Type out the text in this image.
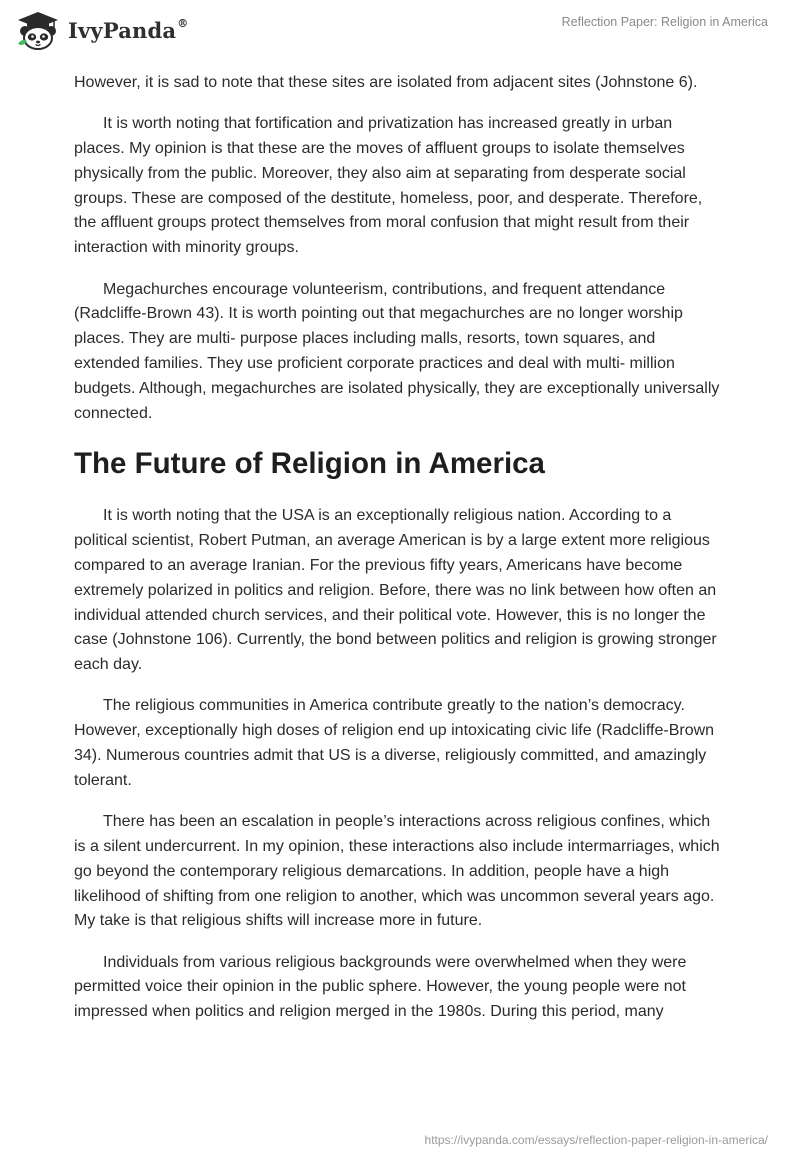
IvyPanda®	Reflection Paper: Religion in America

However, it is sad to note that these sites are isolated from adjacent sites (Johnstone 6).

It is worth noting that fortification and privatization has increased greatly in urban places. My opinion is that these are the moves of affluent groups to isolate themselves physically from the public. Moreover, they also aim at separating from desperate social groups. These are composed of the destitute, homeless, poor, and desperate. Therefore, the affluent groups protect themselves from moral confusion that might result from their interaction with minority groups.

Megachurches encourage volunteerism, contributions, and frequent attendance (Radcliffe-Brown 43). It is worth pointing out that megachurches are no longer worship places. They are multi- purpose places including malls, resorts, town squares, and extended families. They use proficient corporate practices and deal with multi- million budgets. Although, megachurches are isolated physically, they are exceptionally universally connected.

The Future of Religion in America

It is worth noting that the USA is an exceptionally religious nation. According to a political scientist, Robert Putman, an average American is by a large extent more religious compared to an average Iranian. For the previous fifty years, Americans have become extremely polarized in politics and religion. Before, there was no link between how often an individual attended church services, and their political vote. However, this is no longer the case (Johnstone 106). Currently, the bond between politics and religion is growing stronger each day.

The religious communities in America contribute greatly to the nation’s democracy. However, exceptionally high doses of religion end up intoxicating civic life (Radcliffe-Brown 34). Numerous countries admit that US is a diverse, religiously committed, and amazingly tolerant.

There has been an escalation in people’s interactions across religious confines, which is a silent undercurrent. In my opinion, these interactions also include intermarriages, which go beyond the contemporary religious demarcations. In addition, people have a high likelihood of shifting from one religion to another, which was uncommon several years ago. My take is that religious shifts will increase more in future.

Individuals from various religious backgrounds were overwhelmed when they were permitted voice their opinion in the public sphere. However, the young people were not impressed when politics and religion merged in the 1980s. During this period, many

https://ivypanda.com/essays/reflection-paper-religion-in-america/
